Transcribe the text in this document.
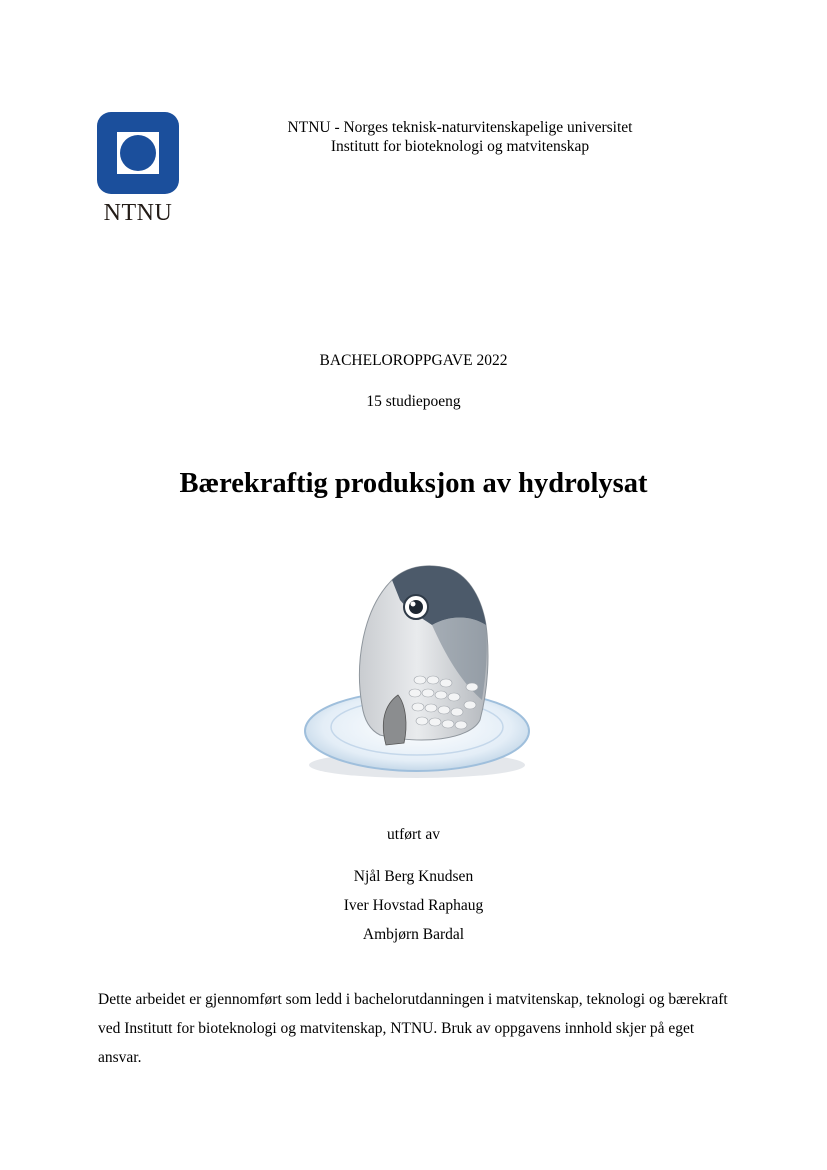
NTNU
NTNU - Norges teknisk-naturvitenskapelige universitet
Institutt for bioteknologi og matvitenskap
BACHELOROPPGAVE 2022
15 studiepoeng
Bærekraftig produksjon av hydrolysat
utført av
Njål Berg Knudsen
Iver Hovstad Raphaug
Ambjørn Bardal
Dette arbeidet er gjennomført som ledd i bachelorutdanningen i matvitenskap, teknologi og bærekraft ved Institutt for bioteknologi og matvitenskap, NTNU. Bruk av oppgavens innhold skjer på eget ansvar.
